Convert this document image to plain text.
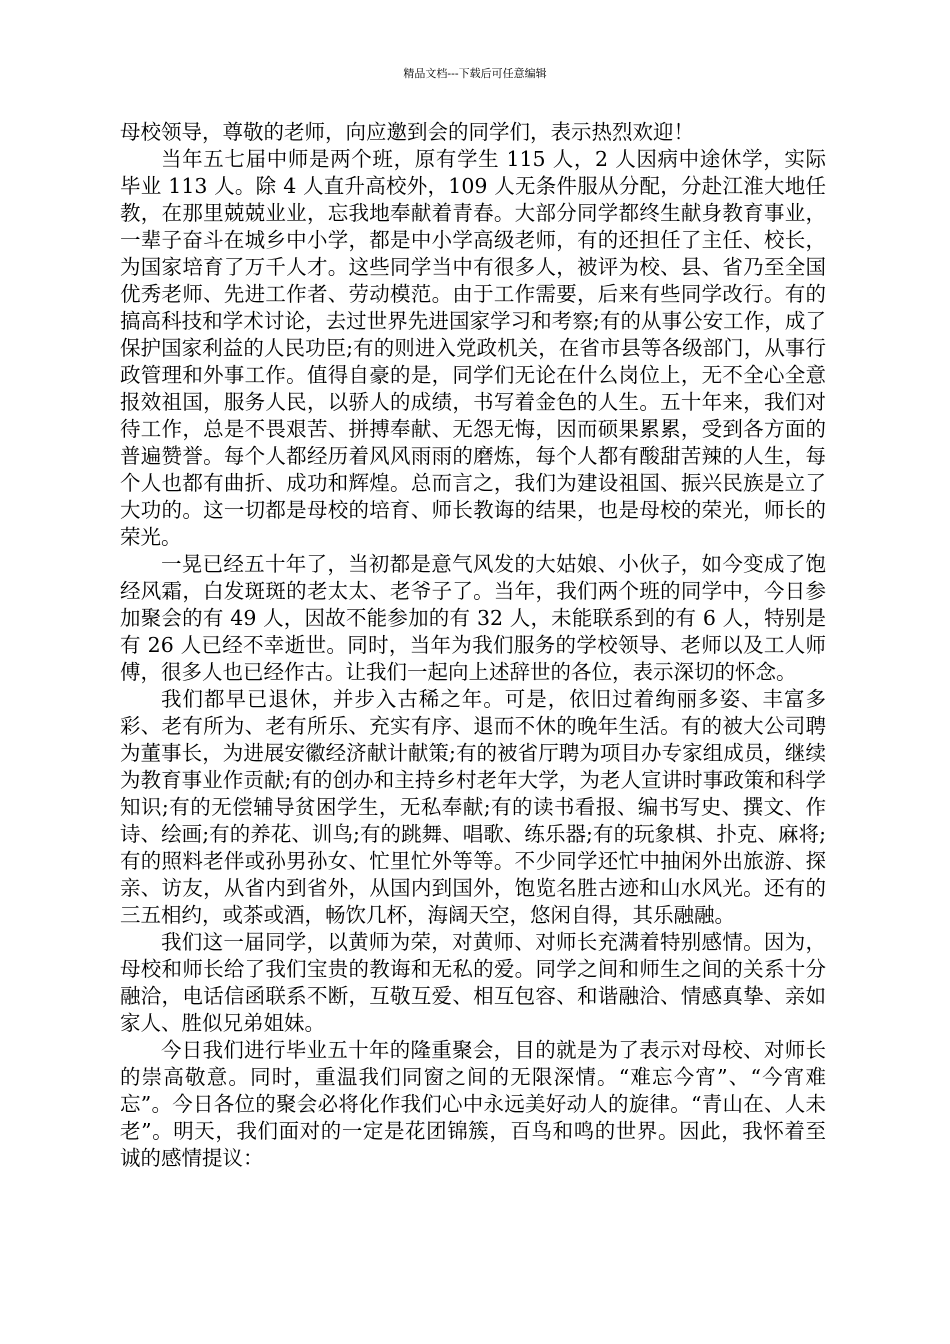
精品文档---下载后可任意编辑

母校领导，尊敬的老师，向应邀到会的同学们，表示热烈欢迎！

当年五七届中师是两个班，原有学生 115 人，2 人因病中途休学，实际毕业 113 人。除 4 人直升高校外，109 人无条件服从分配，分赴江淮大地任教，在那里兢兢业业，忘我地奉献着青春。大部分同学都终生献身教育事业，一辈子奋斗在城乡中小学，都是中小学高级老师，有的还担任了主任、校长，为国家培育了万千人才。这些同学当中有很多人，被评为校、县、省乃至全国优秀老师、先进工作者、劳动模范。由于工作需要，后来有些同学改行。有的搞高科技和学术讨论，去过世界先进国家学习和考察;有的从事公安工作，成了保护国家利益的人民功臣;有的则进入党政机关，在省市县等各级部门，从事行政管理和外事工作。值得自豪的是，同学们无论在什么岗位上，无不全心全意报效祖国，服务人民，以骄人的成绩，书写着金色的人生。五十年来，我们对待工作，总是不畏艰苦、拼搏奉献、无怨无悔，因而硕果累累，受到各方面的普遍赞誉。每个人都经历着风风雨雨的磨炼，每个人都有酸甜苦辣的人生，每个人也都有曲折、成功和辉煌。总而言之，我们为建设祖国、振兴民族是立了大功的。这一切都是母校的培育、师长教诲的结果，也是母校的荣光，师长的荣光。

一晃已经五十年了，当初都是意气风发的大姑娘、小伙子，如今变成了饱经风霜，白发斑斑的老太太、老爷子了。当年，我们两个班的同学中，今日参加聚会的有 49 人，因故不能参加的有 32 人，未能联系到的有 6 人，特别是有 26 人已经不幸逝世。同时，当年为我们服务的学校领导、老师以及工人师傅，很多人也已经作古。让我们一起向上述辞世的各位，表示深切的怀念。

我们都早已退休，并步入古稀之年。可是，依旧过着绚丽多姿、丰富多彩、老有所为、老有所乐、充实有序、退而不休的晚年生活。有的被大公司聘为董事长，为进展安徽经济献计献策;有的被省厅聘为项目办专家组成员，继续为教育事业作贡献;有的创办和主持乡村老年大学，为老人宣讲时事政策和科学知识;有的无偿辅导贫困学生，无私奉献;有的读书看报、编书写史、撰文、作诗、绘画;有的养花、训鸟;有的跳舞、唱歌、练乐器;有的玩象棋、扑克、麻将;有的照料老伴或孙男孙女、忙里忙外等等。不少同学还忙中抽闲外出旅游、探亲、访友，从省内到省外，从国内到国外，饱览名胜古迹和山水风光。还有的三五相约，或茶或酒，畅饮几杯，海阔天空，悠闲自得，其乐融融。

我们这一届同学，以黄师为荣，对黄师、对师长充满着特别感情。因为，母校和师长给了我们宝贵的教诲和无私的爱。同学之间和师生之间的关系十分融洽，电话信函联系不断，互敬互爱、相互包容、和谐融洽、情感真挚、亲如家人、胜似兄弟姐妹。

今日我们进行毕业五十年的隆重聚会，目的就是为了表示对母校、对师长的崇高敬意。同时，重温我们同窗之间的无限深情。“难忘今宵”、“今宵难忘”。今日各位的聚会必将化作我们心中永远美好动人的旋律。“青山在、人未老”。明天，我们面对的一定是花团锦簇，百鸟和鸣的世界。因此，我怀着至诚的感情提议：
